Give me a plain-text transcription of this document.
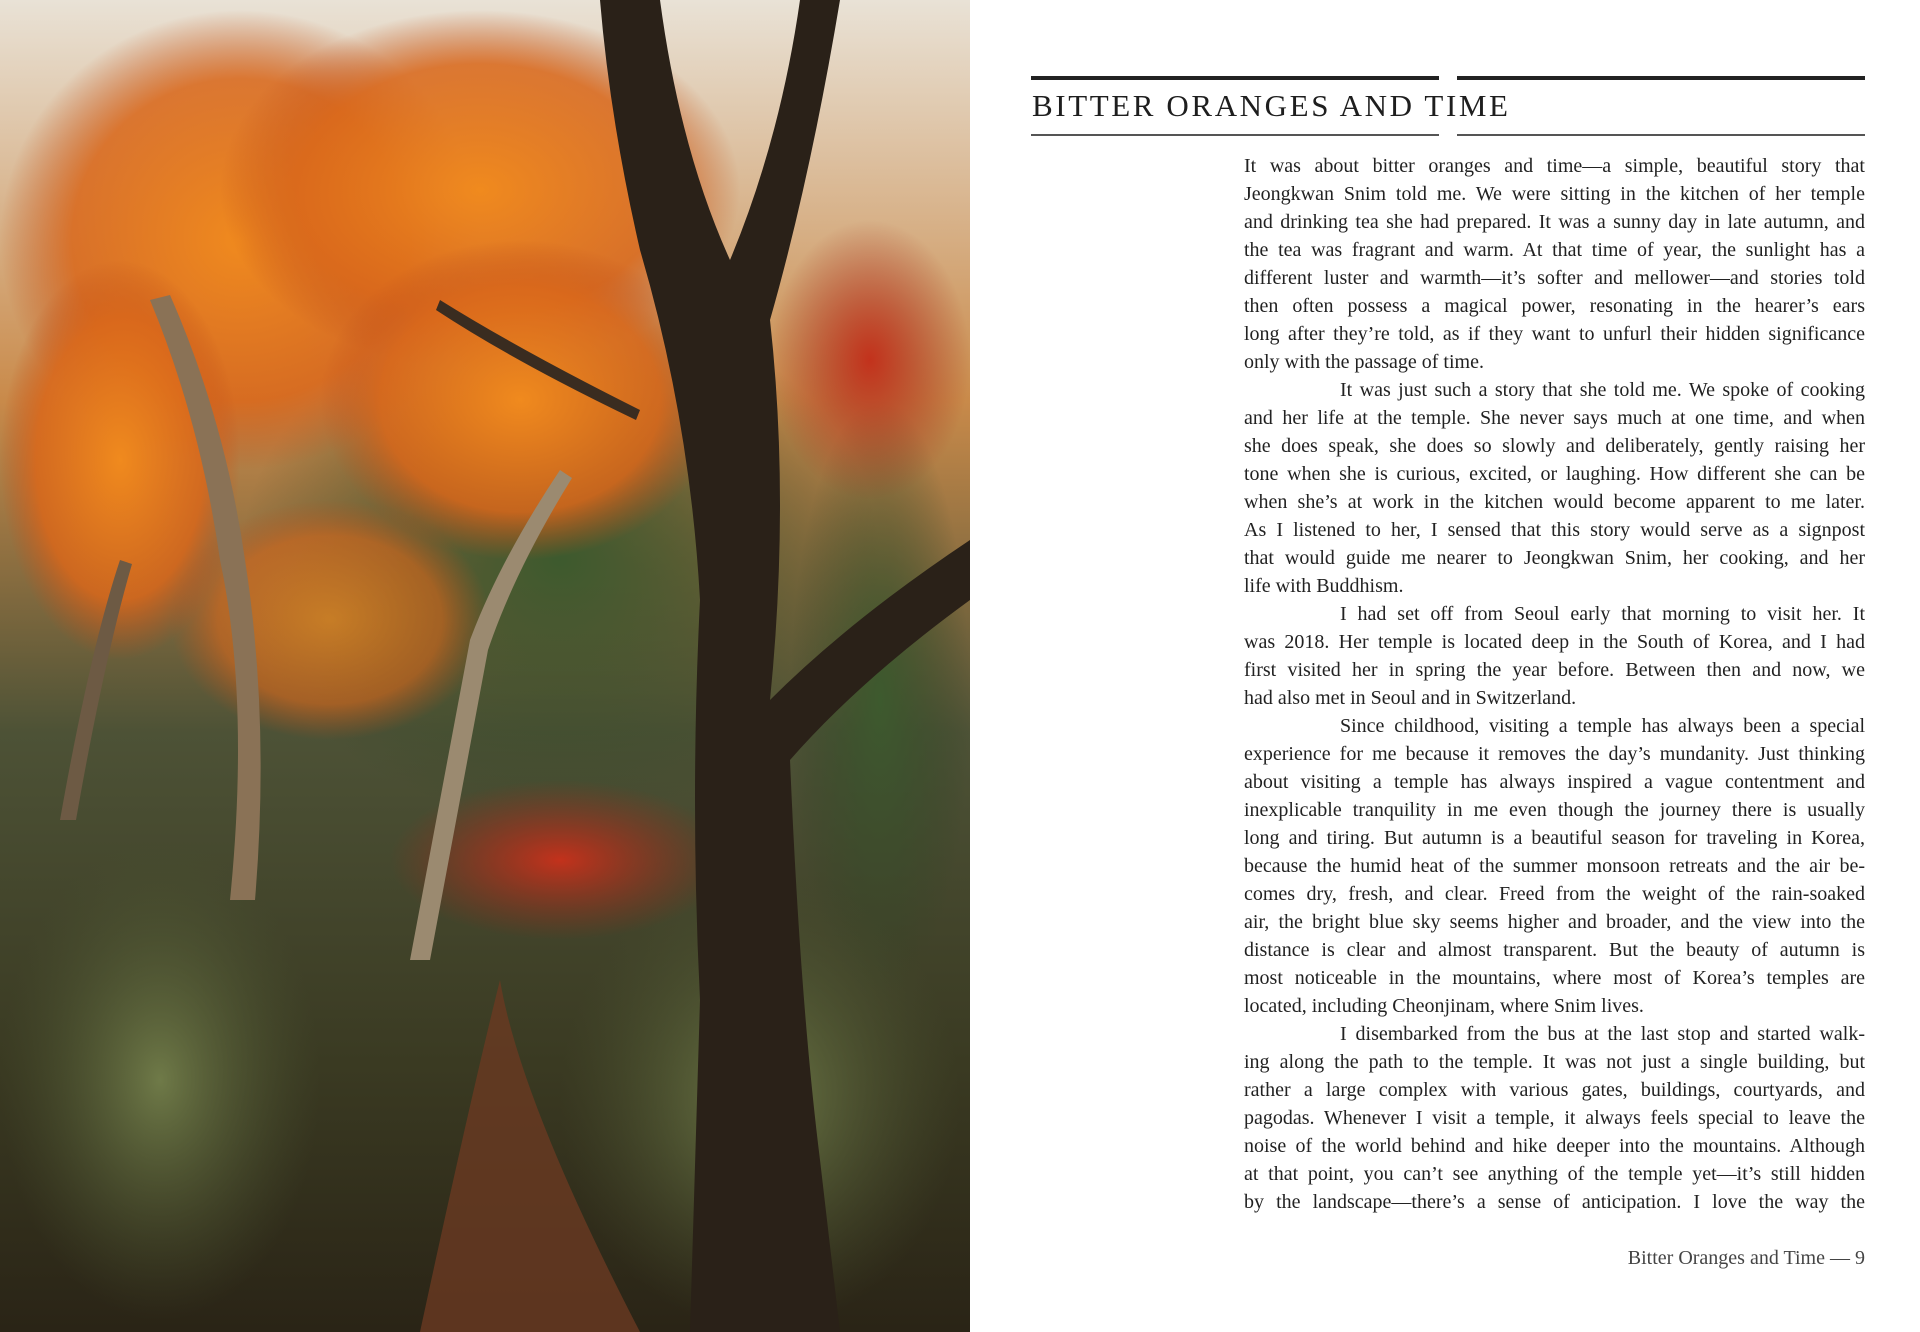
BITTER ORANGES AND TIME
It was about bitter oranges and time—a simple, beautiful story that
Jeongkwan Snim told me. We were sitting in the kitchen of her temple
and drinking tea she had prepared. It was a sunny day in late autumn, and
the tea was fragrant and warm. At that time of year, the sunlight has a
different luster and warmth—it’s softer and mellower—and stories told
then often possess a magical power, resonating in the hearer’s ears
long after they’re told, as if they want to unfurl their hidden significance
only with the passage of time.
It was just such a story that she told me. We spoke of cooking
and her life at the temple. She never says much at one time, and when
she does speak, she does so slowly and deliberately, gently raising her
tone when she is curious, excited, or laughing. How different she can be
when she’s at work in the kitchen would become apparent to me later.
As I listened to her, I sensed that this story would serve as a signpost
that would guide me nearer to Jeongkwan Snim, her cooking, and her
life with Buddhism.
I had set off from Seoul early that morning to visit her. It
was 2018. Her temple is located deep in the South of Korea, and I had
first visited her in spring the year before. Between then and now, we
had also met in Seoul and in Switzerland.
Since childhood, visiting a temple has always been a special
experience for me because it removes the day’s mundanity. Just thinking
about visiting a temple has always inspired a vague contentment and
inexplicable tranquility in me even though the journey there is usually
long and tiring. But autumn is a beautiful season for traveling in Korea,
because the humid heat of the summer monsoon retreats and the air be-
comes dry, fresh, and clear. Freed from the weight of the rain-soaked
air, the bright blue sky seems higher and broader, and the view into the
distance is clear and almost transparent. But the beauty of autumn is
most noticeable in the mountains, where most of Korea’s temples are
located, including Cheonjinam, where Snim lives.
I disembarked from the bus at the last stop and started walk-
ing along the path to the temple. It was not just a single building, but
rather a large complex with various gates, buildings, courtyards, and
pagodas. Whenever I visit a temple, it always feels special to leave the
noise of the world behind and hike deeper into the mountains. Although
at that point, you can’t see anything of the temple yet—it’s still hidden
by the landscape—there’s a sense of anticipation. I love the way the
Bitter Oranges and Time — 9
